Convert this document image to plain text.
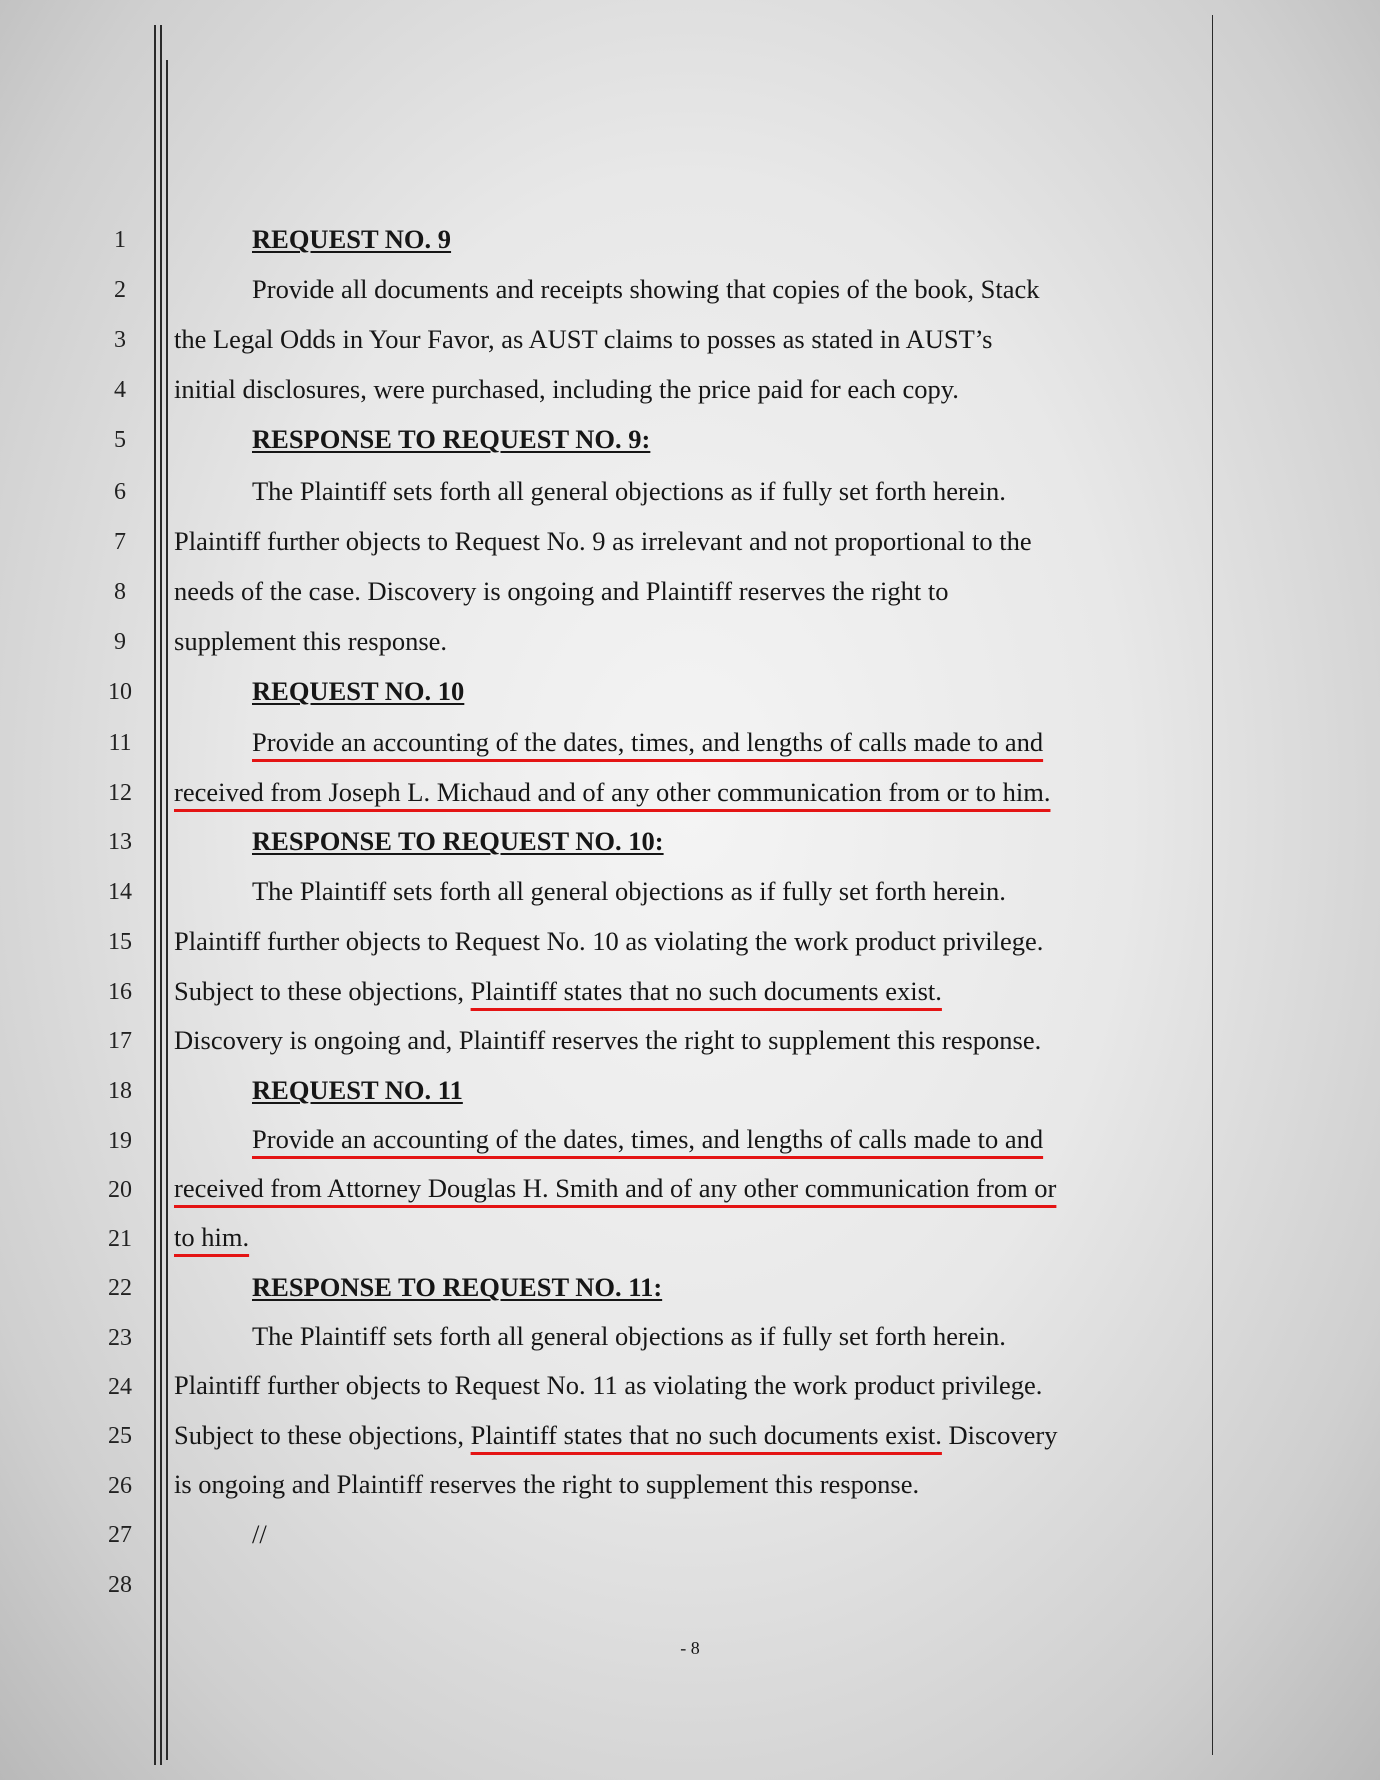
1
2
3
4
5
6
7
8
9
10
11
12
13
14
15
16
17
18
19
20
21
22
23
24
25
26
27
28
REQUEST NO. 9
Provide all documents and receipts showing that copies of the book, Stack
the Legal Odds in Your Favor, as AUST claims to posses as stated in AUST’s
initial disclosures, were purchased, including the price paid for each copy.
RESPONSE TO REQUEST NO. 9:
The Plaintiff sets forth all general objections as if fully set forth herein.
Plaintiff further objects to Request No. 9 as irrelevant and not proportional to the
needs of the case. Discovery is ongoing and Plaintiff reserves the right to
supplement this response.
REQUEST NO. 10
Provide an accounting of the dates, times, and lengths of calls made to and
received from Joseph L. Michaud and of any other communication from or to him.
RESPONSE TO REQUEST NO. 10:
The Plaintiff sets forth all general objections as if fully set forth herein.
Plaintiff further objects to Request No. 10 as violating the work product privilege.
Subject to these objections, Plaintiff states that no such documents exist.
Discovery is ongoing and, Plaintiff reserves the right to supplement this response.
REQUEST NO. 11
Provide an accounting of the dates, times, and lengths of calls made to and
received from Attorney Douglas H. Smith and of any other communication from or
to him.
RESPONSE TO REQUEST NO. 11:
The Plaintiff sets forth all general objections as if fully set forth herein.
Plaintiff further objects to Request No. 11 as violating the work product privilege.
Subject to these objections, Plaintiff states that no such documents exist. Discovery
is ongoing and Plaintiff reserves the right to supplement this response.
//
- 8
